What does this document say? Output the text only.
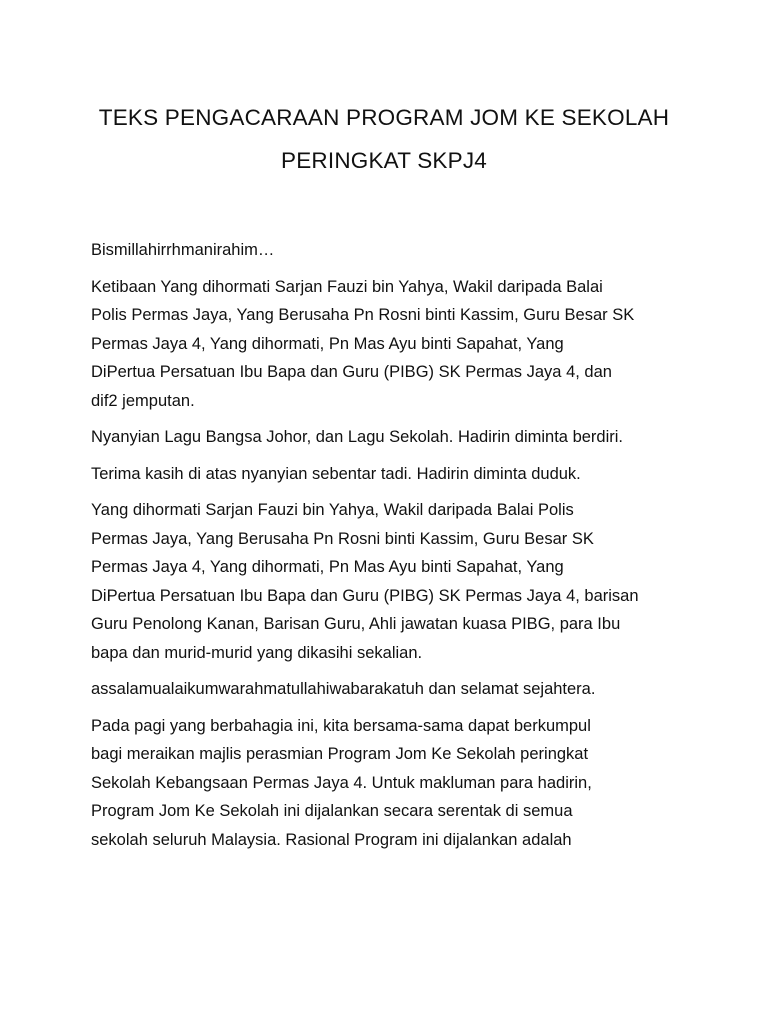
TEKS PENGACARAAN PROGRAM JOM KE SEKOLAH
PERINGKAT SKPJ4

Bismillahirrhmanirahim…

Ketibaan Yang dihormati Sarjan Fauzi bin Yahya, Wakil daripada Balai
Polis Permas Jaya, Yang Berusaha Pn Rosni binti Kassim, Guru Besar SK
Permas Jaya 4, Yang dihormati, Pn Mas Ayu binti Sapahat, Yang
DiPertua Persatuan Ibu Bapa dan Guru (PIBG) SK Permas Jaya 4, dan
dif2 jemputan.

Nyanyian Lagu Bangsa Johor, dan Lagu Sekolah. Hadirin diminta berdiri.

Terima kasih di atas nyanyian sebentar tadi. Hadirin diminta duduk.

Yang dihormati Sarjan Fauzi bin Yahya, Wakil daripada Balai Polis
Permas Jaya, Yang Berusaha Pn Rosni binti Kassim, Guru Besar SK
Permas Jaya 4, Yang dihormati, Pn Mas Ayu binti Sapahat, Yang
DiPertua Persatuan Ibu Bapa dan Guru (PIBG) SK Permas Jaya 4, barisan
Guru Penolong Kanan, Barisan Guru, Ahli jawatan kuasa PIBG, para Ibu
bapa dan murid-murid yang dikasihi sekalian.

assalamualaikumwarahmatullahiwabarakatuh dan selamat sejahtera.

Pada pagi yang berbahagia ini, kita bersama-sama dapat berkumpul
bagi meraikan majlis perasmian Program Jom Ke Sekolah peringkat
Sekolah Kebangsaan Permas Jaya 4. Untuk makluman para hadirin,
Program Jom Ke Sekolah ini dijalankan secara serentak di semua
sekolah seluruh Malaysia. Rasional Program ini dijalankan adalah
